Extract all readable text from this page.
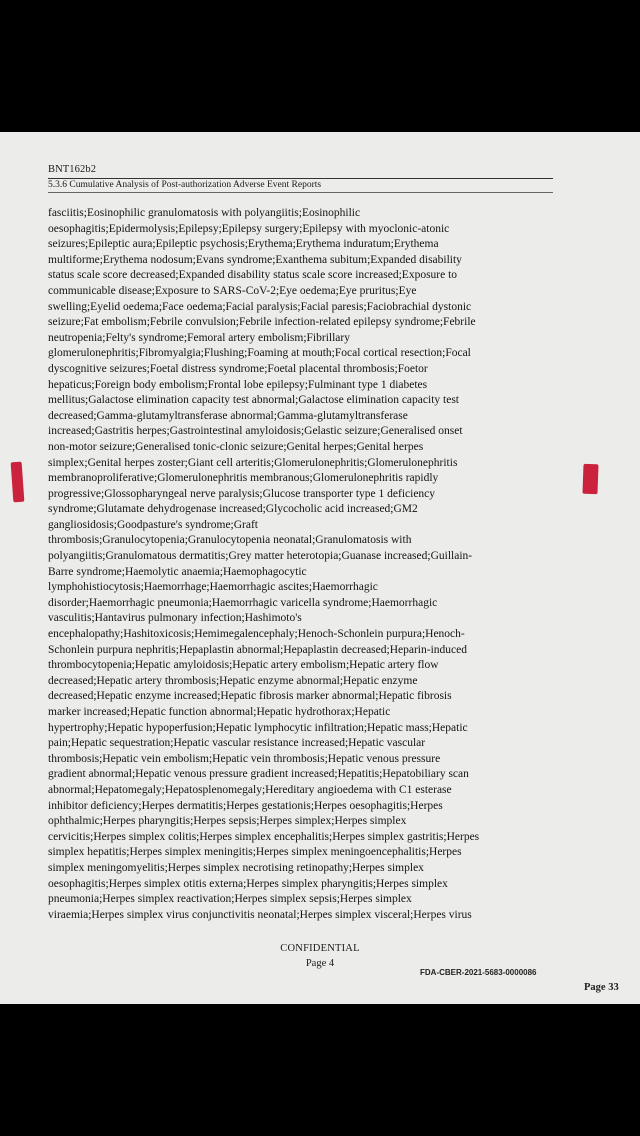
BNT162b2
5.3.6 Cumulative Analysis of Post-authorization Adverse Event Reports
fasciitis;Eosinophilic granulomatosis with polyangiitis;Eosinophilic
oesophagitis;Epidermolysis;Epilepsy;Epilepsy surgery;Epilepsy with myoclonic-atonic
seizures;Epileptic aura;Epileptic psychosis;Erythema;Erythema induratum;Erythema
multiforme;Erythema nodosum;Evans syndrome;Exanthema subitum;Expanded disability
status scale score decreased;Expanded disability status scale score increased;Exposure to
communicable disease;Exposure to SARS-CoV-2;Eye oedema;Eye pruritus;Eye
swelling;Eyelid oedema;Face oedema;Facial paralysis;Facial paresis;Faciobrachial dystonic
seizure;Fat embolism;Febrile convulsion;Febrile infection-related epilepsy syndrome;Febrile
neutropenia;Felty's syndrome;Femoral artery embolism;Fibrillary
glomerulonephritis;Fibromyalgia;Flushing;Foaming at mouth;Focal cortical resection;Focal
dyscognitive seizures;Foetal distress syndrome;Foetal placental thrombosis;Foetor
hepaticus;Foreign body embolism;Frontal lobe epilepsy;Fulminant type 1 diabetes
mellitus;Galactose elimination capacity test abnormal;Galactose elimination capacity test
decreased;Gamma-glutamyltransferase abnormal;Gamma-glutamyltransferase
increased;Gastritis herpes;Gastrointestinal amyloidosis;Gelastic seizure;Generalised onset
non-motor seizure;Generalised tonic-clonic seizure;Genital herpes;Genital herpes
simplex;Genital herpes zoster;Giant cell arteritis;Glomerulonephritis;Glomerulonephritis
membranoproliferative;Glomerulonephritis membranous;Glomerulonephritis rapidly
progressive;Glossopharyngeal nerve paralysis;Glucose transporter type 1 deficiency
syndrome;Glutamate dehydrogenase increased;Glycocholic acid increased;GM2
gangliosidosis;Goodpasture's syndrome;Graft
thrombosis;Granulocytopenia;Granulocytopenia neonatal;Granulomatosis with
polyangiitis;Granulomatous dermatitis;Grey matter heterotopia;Guanase increased;Guillain-
Barre syndrome;Haemolytic anaemia;Haemophagocytic
lymphohistiocytosis;Haemorrhage;Haemorrhagic ascites;Haemorrhagic
disorder;Haemorrhagic pneumonia;Haemorrhagic varicella syndrome;Haemorrhagic
vasculitis;Hantavirus pulmonary infection;Hashimoto's
encephalopathy;Hashitoxicosis;Hemimegalencephaly;Henoch-Schonlein purpura;Henoch-
Schonlein purpura nephritis;Hepaplastin abnormal;Hepaplastin decreased;Heparin-induced
thrombocytopenia;Hepatic amyloidosis;Hepatic artery embolism;Hepatic artery flow
decreased;Hepatic artery thrombosis;Hepatic enzyme abnormal;Hepatic enzyme
decreased;Hepatic enzyme increased;Hepatic fibrosis marker abnormal;Hepatic fibrosis
marker increased;Hepatic function abnormal;Hepatic hydrothorax;Hepatic
hypertrophy;Hepatic hypoperfusion;Hepatic lymphocytic infiltration;Hepatic mass;Hepatic
pain;Hepatic sequestration;Hepatic vascular resistance increased;Hepatic vascular
thrombosis;Hepatic vein embolism;Hepatic vein thrombosis;Hepatic venous pressure
gradient abnormal;Hepatic venous pressure gradient increased;Hepatitis;Hepatobiliary scan
abnormal;Hepatomegaly;Hepatosplenomegaly;Hereditary angioedema with C1 esterase
inhibitor deficiency;Herpes dermatitis;Herpes gestationis;Herpes oesophagitis;Herpes
ophthalmic;Herpes pharyngitis;Herpes sepsis;Herpes simplex;Herpes simplex
cervicitis;Herpes simplex colitis;Herpes simplex encephalitis;Herpes simplex gastritis;Herpes
simplex hepatitis;Herpes simplex meningitis;Herpes simplex meningoencephalitis;Herpes
simplex meningomyelitis;Herpes simplex necrotising retinopathy;Herpes simplex
oesophagitis;Herpes simplex otitis externa;Herpes simplex pharyngitis;Herpes simplex
pneumonia;Herpes simplex reactivation;Herpes simplex sepsis;Herpes simplex
viraemia;Herpes simplex virus conjunctivitis neonatal;Herpes simplex visceral;Herpes virus
CONFIDENTIAL
Page 4
FDA-CBER-2021-5683-0000086
Page 33
